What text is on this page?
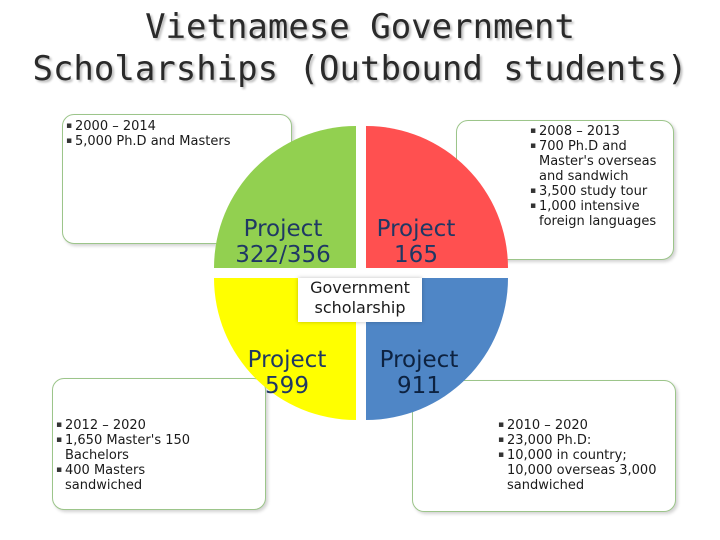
Vietnamese Government
Scholarships (Outbound students)
Project
322/356
Project
165
Project
599
Project
911
Government
scholarship
▪ 2000 – 2014
▪ 5,000 Ph.D and Masters
▪ 2008 – 2013
▪ 700 Ph.D and Master's overseas and sandwich
▪ 3,500 study tour
▪ 1,000 intensive foreign languages
▪ 2012 – 2020
▪ 1,650 Master's 150 Bachelors
▪ 400 Masters sandwiched
▪ 2010 – 2020
▪ 23,000 Ph.D:
▪ 10,000 in country; 10,000 overseas 3,000 sandwiched
